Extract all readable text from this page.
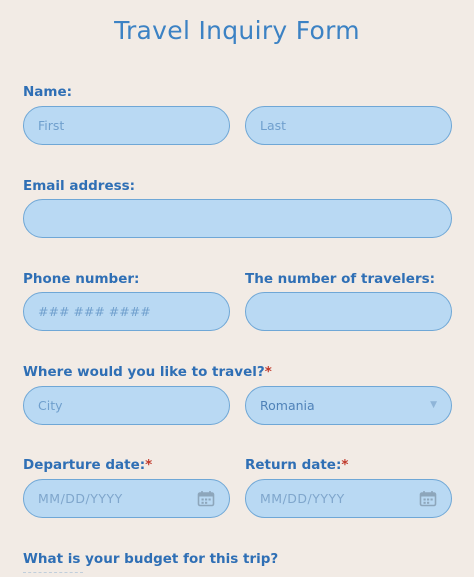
Travel Inquiry Form
Name:
First
Last
Email address:
Phone number:
### ### ####	The number of travelers:
Where would you like to travel?*
City
Romania	▼
Departure date:*
MM/DD/YYYY
Return date:*
MM/DD/YYYY
What is your budget for this trip?
